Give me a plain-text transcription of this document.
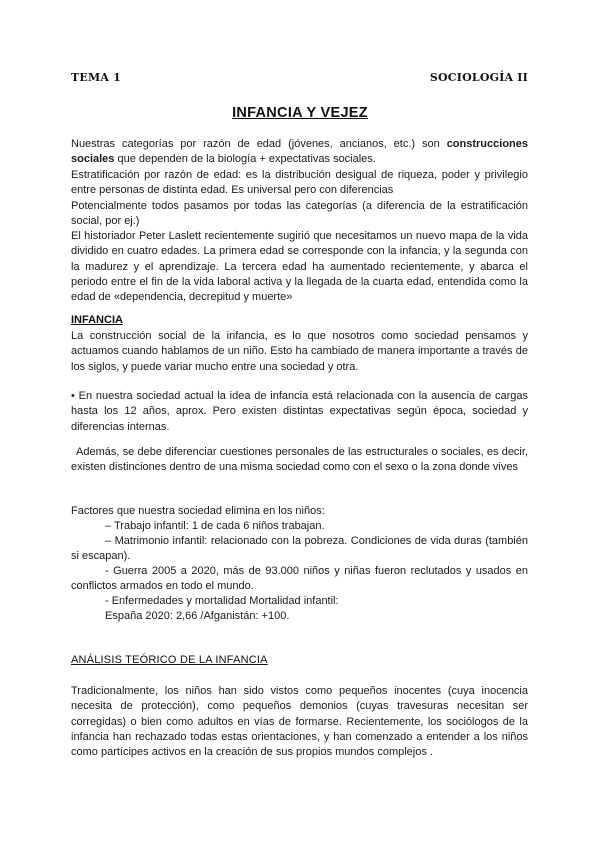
TEMA 1	SOCIOLOGÍA II
INFANCIA Y VEJEZ

Nuestras categorías por razón de edad (jóvenes, ancianos, etc.) son construcciones sociales que dependen de la biología + expectativas sociales.

Estratificación por razón de edad: es la distribución desigual de riqueza, poder y privilegio entre personas de distinta edad. Es universal pero con diferencias

Potencialmente todos pasamos por todas las categorías (a diferencia de la estratificación social, por ej.)

El historiador Peter Laslett recientemente sugirió que necesitamos un nuevo mapa de la vida dividido en cuatro edades. La primera edad se corresponde con la infancia, y la segunda con la madurez y el aprendizaje. La tercera edad ha aumentado recientemente, y abarca el periodo entre el fin de la vida laboral activa y la llegada de la cuarta edad, entendida como la edad de «dependencia, decrepitud y muerte»

INFANCIA

La construcción social de la infancia, es lo que nosotros como sociedad pensamos y actuamos cuando hablamos de un niño. Esto ha cambiado de manera importante a través de los siglos, y puede variar mucho entre una sociedad y otra.

• En nuestra sociedad actual la idea de infancia está relacionada con la ausencia de cargas hasta los 12 años, aprox. Pero existen distintas expectativas según época, sociedad y diferencias internas.

Además, se debe diferenciar cuestiones personales de las estructurales o sociales, es decir, existen distinciones dentro de una misma sociedad como con el sexo o la zona donde vives

Factores que nuestra sociedad elimina en los niños:

– Trabajo infantil: 1 de cada 6 niños trabajan.

– Matrimonio infantil: relacionado con la pobreza. Condiciones de vida duras (también si escapan).

- Guerra 2005 a 2020, más de 93.000 niños y niñas fueron reclutados y usados en conflictos armados en todo el mundo.

- Enfermedades y mortalidad Mortalidad infantil:

España 2020: 2,66 /Afganistán: +100.

ANÁLISIS TEÓRICO DE LA INFANCIA

Tradicionalmente, los niños han sido vistos como pequeños inocentes (cuya inocencia necesita de protección), como pequeños demonios (cuyas travesuras necesitan ser corregidas) o bien como adultos en vías de formarse. Recientemente, los sociólogos de la infancia han rechazado todas estas orientaciones, y han comenzado a entender a los niños como partícipes activos en la creación de sus propios mundos complejos .
